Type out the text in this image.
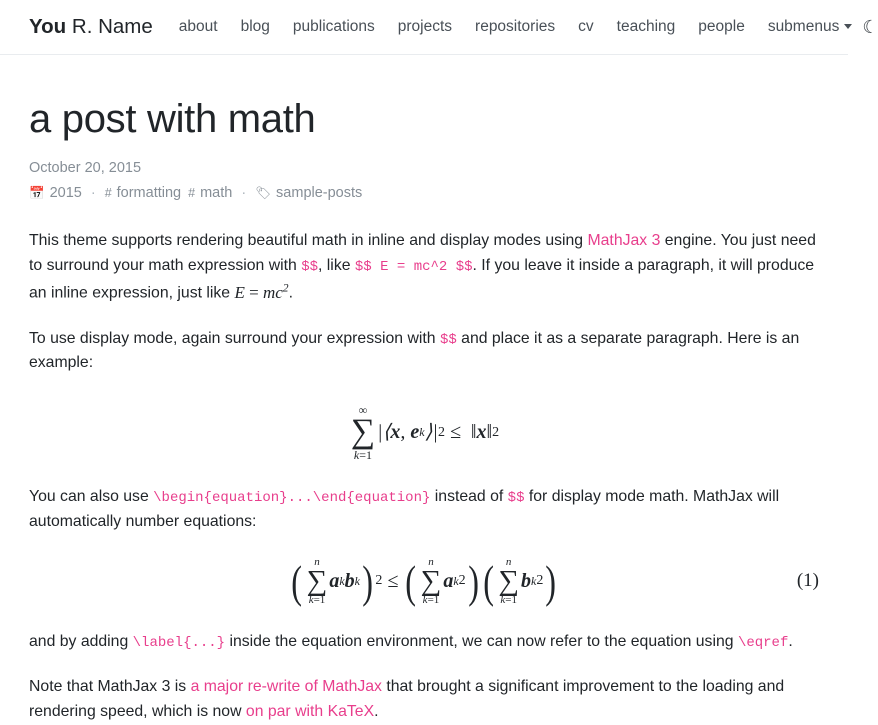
You R. Name about blog publications projects repositories cv teaching people submenus	☾
a post with math
October 20, 2015
📅 2015 · # formatting # math · 🏷 sample-posts

This theme supports rendering beautiful math in inline and display modes using MathJax 3 engine. You just need to surround your math expression with $$, like $$ E = mc^2 $$. If you leave it inside a paragraph, it will produce an inline expression, just like $E = mc^2$.

To use display mode, again surround your expression with $$ and place it as a separate paragraph. Here is an example:

∞
∑
k=1
|⟨ x , e k ⟩| 2 ≤  ‖ x ‖ 2

You can also use \begin{equation}...\end{equation} instead of $$ for display mode math. MathJax will automatically number equations:

( n
∑
k=1
a k b k ) 2 ≤ ( n
∑
k=1
a k 2 ) ( n
∑
k=1
b k 2 )	(1)

and by adding \label{...} inside the equation environment, we can now refer to the equation using \eqref.

Note that MathJax 3 is a major re-write of MathJax that brought a significant improvement to the loading and rendering speed, which is now on par with KaTeX.
